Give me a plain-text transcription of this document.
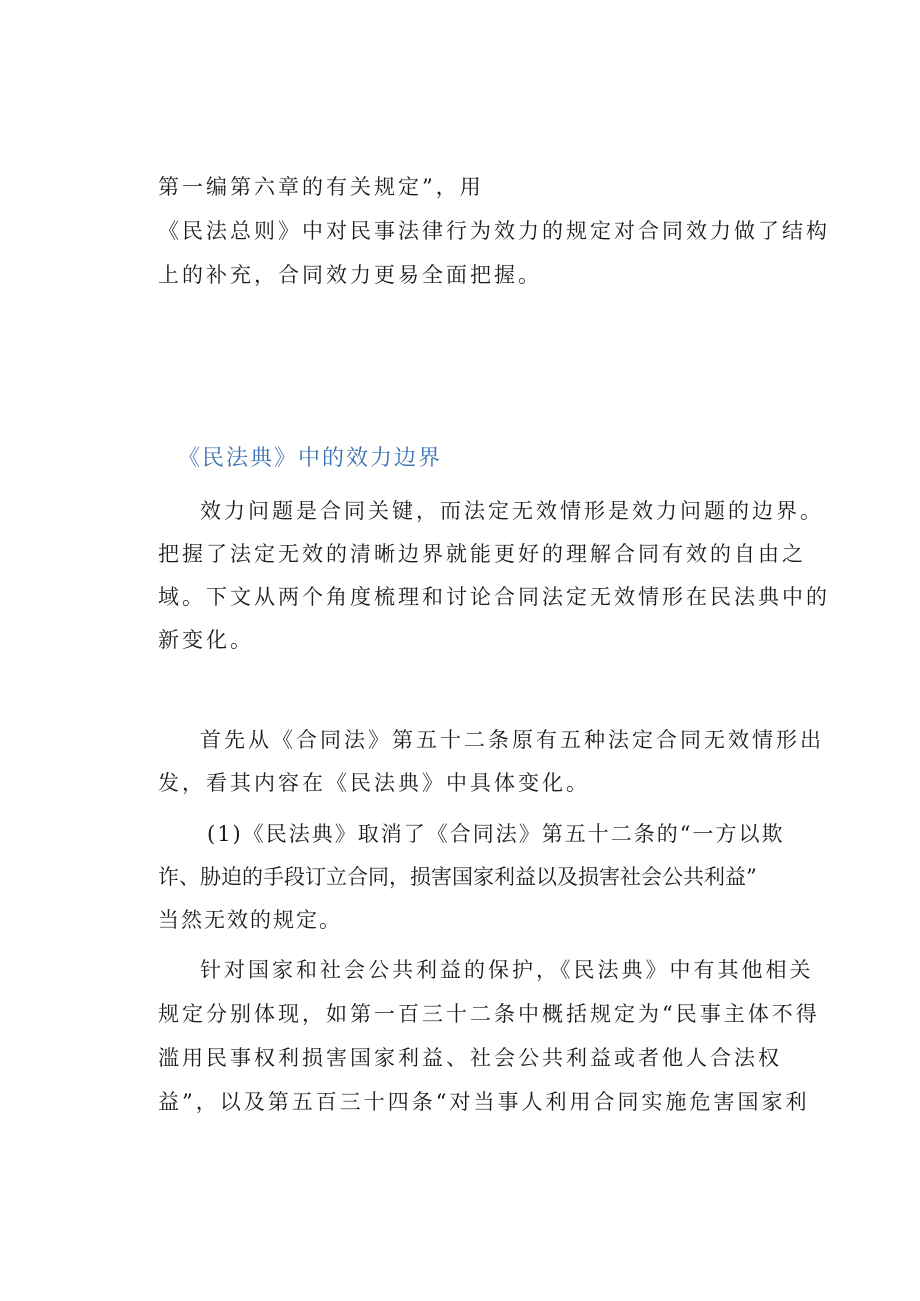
第一编第六章的有关规定”，用
《民法总则》中对民事法律行为效力的规定对合同效力做了结构
上的补充，合同效力更易全面把握。
《民法典》中的效力边界
效力问题是合同关键，而法定无效情形是效力问题的边界。
把握了法定无效的清晰边界就能更好的理解合同有效的自由之
域。下文从两个角度梳理和讨论合同法定无效情形在民法典中的
新变化。
首先从《合同法》第五十二条原有五种法定合同无效情形出
发，看其内容在《民法典》中具体变化。
(1)《民法典》取消了《合同法》第五十二条的“一方以欺
诈、胁迫的手段订立合同，损害国家利益以及损害社会公共利益”
当然无效的规定。
针对国家和社会公共利益的保护，《民法典》中有其他相关
规定分别体现，如第一百三十二条中概括规定为“民事主体不得
滥用民事权利损害国家利益、社会公共利益或者他人合法权
益”，以及第五百三十四条“对当事人利用合同实施危害国家利
